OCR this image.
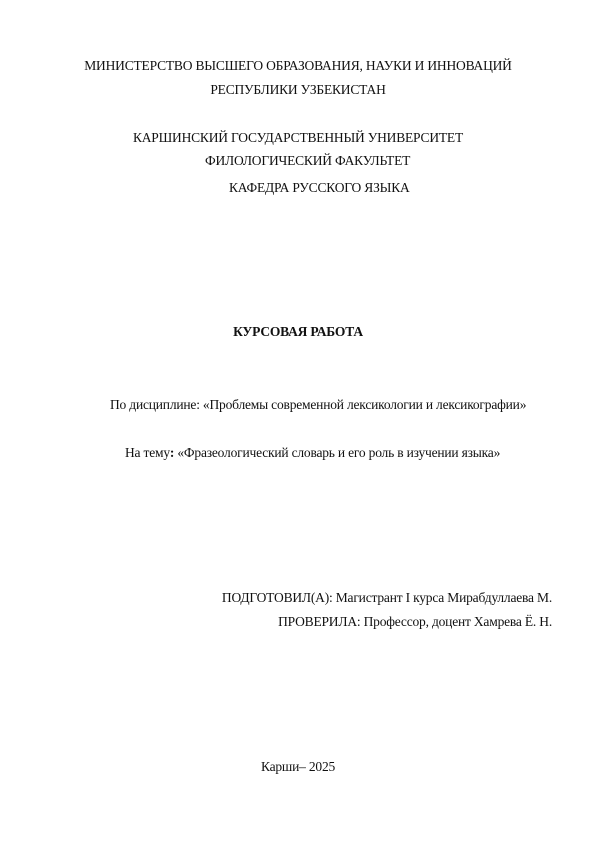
МИНИСТЕРСТВО ВЫСШЕГО ОБРАЗОВАНИЯ, НАУКИ И ИННОВАЦИЙ
РЕСПУБЛИКИ УЗБЕКИСТАН
КАРШИНСКИЙ ГОСУДАРСТВЕННЫЙ УНИВЕРСИТЕТ
ФИЛОЛОГИЧЕСКИЙ ФАКУЛЬТЕТ
КАФЕДРА РУССКОГО ЯЗЫКА
КУРСОВАЯ РАБОТА
По дисциплине: «Проблемы современной лексикологии и лексикографии»
На тему: «Фразеологический словарь и его роль в изучении языка»
ПОДГОТОВИЛ(А): Магистрант I курса Мирабдуллаева М.
ПРОВЕРИЛА: Профессор, доцент Хамрева Ё. Н.
Карши– 2025
